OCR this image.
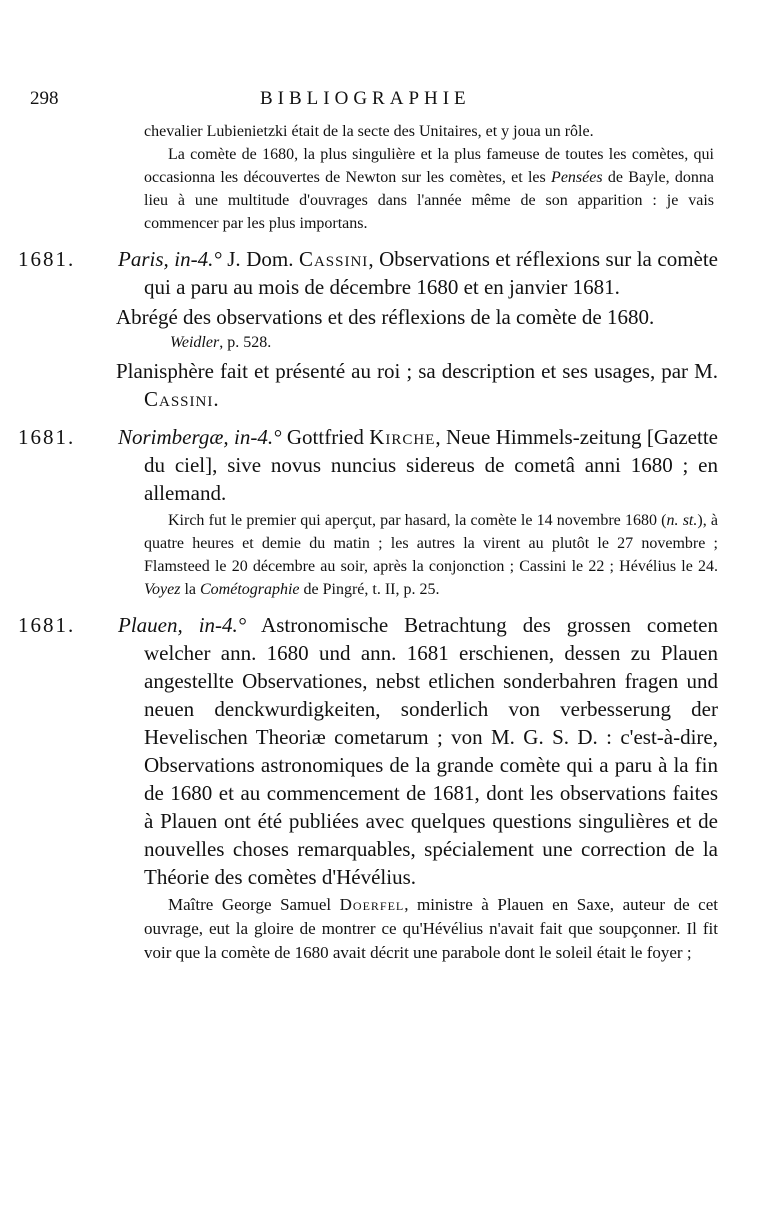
298	BIBLIOGRAPHIE

chevalier Lubienietzki était de la secte des Unitaires, et y joua un rôle.

La comète de 1680, la plus singulière et la plus fameuse de toutes les comètes, qui occasionna les découvertes de Newton sur les comètes, et les Pensées de Bayle, donna lieu à une multitude d'ouvrages dans l'année même de son apparition : je vais commencer par les plus importans.

1681.	Paris, in-4.° J. Dom. Cassini, Observations et réflexions sur la comète qui a paru au mois de décembre 1680 et en janvier 1681.

Abrégé des observations et des réflexions de la comète de 1680.

Weidler, p. 528.

Planisphère fait et présenté au roi ; sa description et ses usages, par M. Cassini.

1681.	Norimbergæ, in-4.° Gottfried Kirche, Neue Himmels-zeitung [Gazette du ciel], sive novus nuncius sidereus de cometâ anni 1680 ; en allemand.

Kirch fut le premier qui aperçut, par hasard, la comète le 14 novembre 1680 (n. st.), à quatre heures et demie du matin ; les autres la virent au plutôt le 27 novembre ; Flamsteed le 20 décembre au soir, après la conjonction ; Cassini le 22 ; Hévélius le 24. Voyez la Cométographie de Pingré, t. II, p. 25.

1681.	Plauen, in-4.° Astronomische Betrachtung des grossen cometen welcher ann. 1680 und ann. 1681 erschienen, dessen zu Plauen angestellte Observationes, nebst etlichen sonderbahren fragen und neuen denckwurdigkeiten, sonderlich von verbesserung der Hevelischen Theoriæ cometarum ; von M. G. S. D. : c'est-à-dire, Observations astronomiques de la grande comète qui a paru à la fin de 1680 et au commencement de 1681, dont les observations faites à Plauen ont été publiées avec quelques questions singulières et de nouvelles choses remarquables, spécialement une correction de la Théorie des comètes d'Hévélius.

Maître George Samuel Doerfel, ministre à Plauen en Saxe, auteur de cet ouvrage, eut la gloire de montrer ce qu'Hévélius n'avait fait que soupçonner. Il fit voir que la comète de 1680 avait décrit une parabole dont le soleil était le foyer ;
